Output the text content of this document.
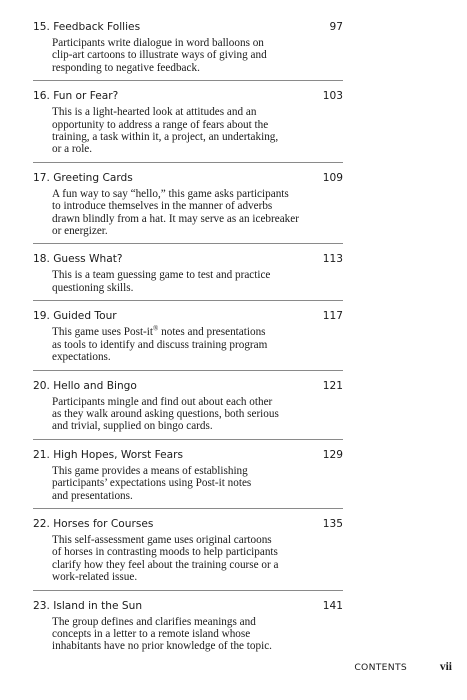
15. Feedback Follies	97
Participants write dialogue in word balloons on
clip-art cartoons to illustrate ways of giving and
responding to negative feedback.
16. Fun or Fear?	103
This is a light-hearted look at attitudes and an
opportunity to address a range of fears about the
training, a task within it, a project, an undertaking,
or a role.
17. Greeting Cards	109
A fun way to say “hello,” this game asks participants
to introduce themselves in the manner of adverbs
drawn blindly from a hat. It may serve as an icebreaker
or energizer.
18. Guess What?	113
This is a team guessing game to test and practice
questioning skills.
19. Guided Tour	117
This game uses Post-it® notes and presentations
as tools to identify and discuss training program
expectations.
20. Hello and Bingo	121
Participants mingle and find out about each other
as they walk around asking questions, both serious
and trivial, supplied on bingo cards.
21. High Hopes, Worst Fears	129
This game provides a means of establishing
participants’ expectations using Post-it notes
and presentations.
22. Horses for Courses	135
This self-assessment game uses original cartoons
of horses in contrasting moods to help participants
clarify how they feel about the training course or a
work-related issue.
23. Island in the Sun	141
The group defines and clarifies meanings and
concepts in a letter to a remote island whose
inhabitants have no prior knowledge of the topic.
CONTENTS	vii
